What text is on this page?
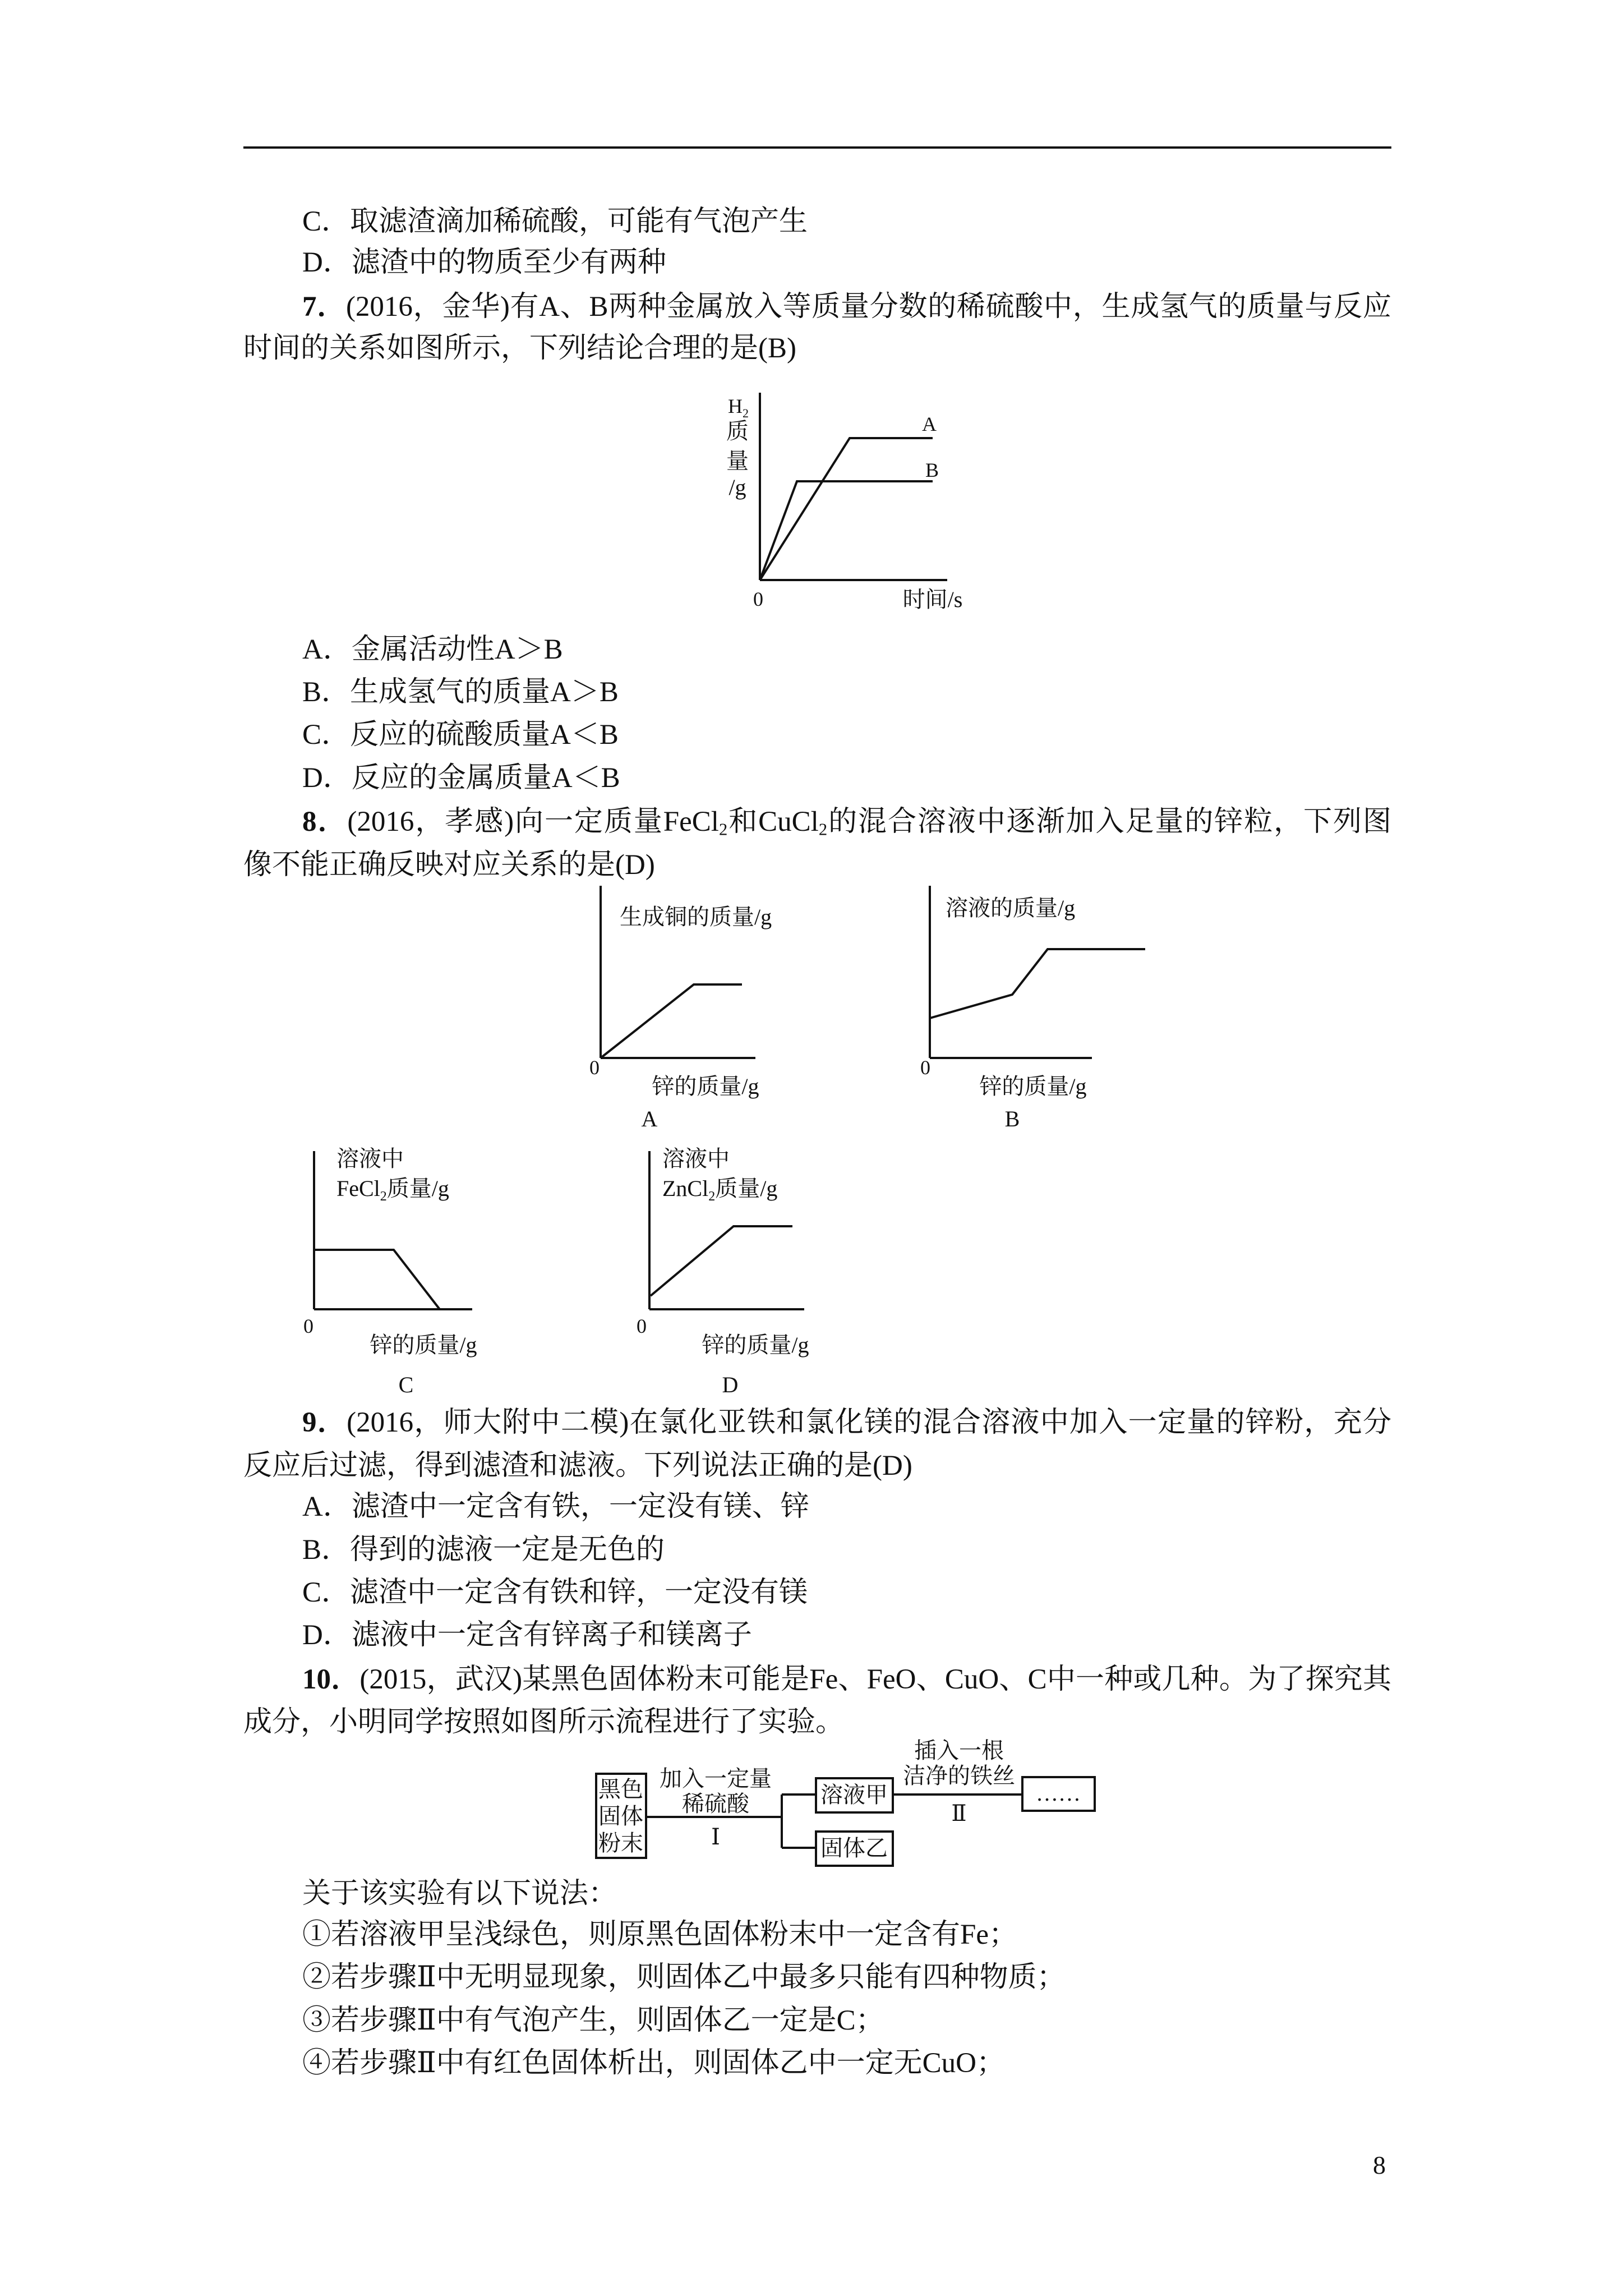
C．取滤渣滴加稀硫酸，可能有气泡产生
D．滤渣中的物质至少有两种
7．(2016，金华)有A、B两种金属放入等质量分数的稀硫酸中，生成氢气的质量与反应
时间的关系如图所示，下列结论合理的是(B)
A．金属活动性A＞B
B．生成氢气的质量A＞B
C．反应的硫酸质量A＜B
D．反应的金属质量A＜B
8．(2016，孝感)向一定质量FeCl$_2$和CuCl$_2$的混合溶液中逐渐加入足量的锌粒，下列图
像不能正确反映对应关系的是(D)
9．(2016，师大附中二模)在氯化亚铁和氯化镁的混合溶液中加入一定量的锌粉，充分
反应后过滤，得到滤渣和滤液。下列说法正确的是(D)
A．滤渣中一定含有铁，一定没有镁、锌
B．得到的滤液一定是无色的
C．滤渣中一定含有铁和锌，一定没有镁
D．滤液中一定含有锌离子和镁离子
10．(2015，武汉)某黑色固体粉末可能是Fe、FeO、CuO、C中一种或几种。为了探究其
成分，小明同学按照如图所示流程进行了实验。
关于该实验有以下说法：
①若溶液甲呈浅绿色，则原黑色固体粉末中一定含有Fe；
②若步骤Ⅱ中无明显现象，则固体乙中最多只能有四种物质；
③若步骤Ⅱ中有气泡产生，则固体乙一定是C；
④若步骤Ⅱ中有红色固体析出，则固体乙中一定无CuO；
8
A
B
$H_2$
质
量
/g
0	时间/s
生成铜的质量/g
0
锌的质量/g
A
溶液的质量/g
0
锌的质量/g
B
溶液中
FeCl$_2$质量/g
0
锌的质量/g
C
溶液中
ZnCl$_2$质量/g
0
锌的质量/g
D
黑色
固体
粉末
加入一定量
稀硫酸
Ⅰ
溶液甲
固体乙
插入一根
洁净的铁丝
Ⅱ
……
